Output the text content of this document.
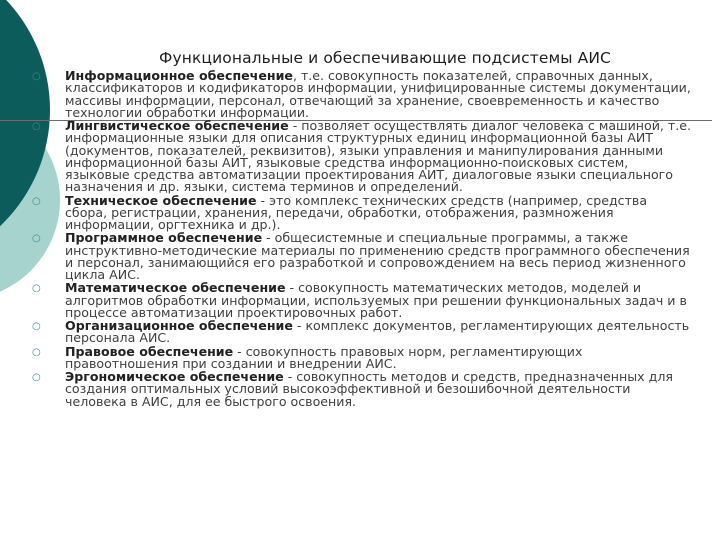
Функциональные и обеспечивающие подсистемы АИС
○ Информационное обеспечение, т.е. совокупность показателей, справочных данных, классификаторов и кодификаторов информации, унифицированные системы документации, массивы информации, персонал, отвечающий за хранение, своевременность и качество технологии обработки информации.
○ Лингвистическое обеспечение - позволяет осуществлять диалог человека с машиной, т.е. информационные языки для описания структурных единиц информационной базы АИТ (документов, показателей, реквизитов), языки управления и манипулирования данными информационной базы АИТ, языковые средства информационно-поисковых систем, языковые средства автоматизации проектирования АИТ, диалоговые языки специального назначения и др. языки, система терминов и определений.
○ Техническое обеспечение - это комплекс технических средств (например, средства сбора, регистрации, хранения, передачи, обработки, отображения, размножения информации, оргтехника и др.).
○ Программное обеспечение - общесистемные и специальные программы, а также инструктивно-методические материалы по применению средств программного обеспечения и персонал, занимающийся его разработкой и сопровождением на весь период жизненного цикла АИС.
○ Математическое обеспечение - совокупность математических методов, моделей и алгоритмов обработки информации, используемых при решении функциональных задач и в процессе автоматизации проектировочных работ.
○ Организационное обеспечение - комплекс документов, регламентирующих деятельность персонала АИС.
○ Правовое обеспечение - совокупность правовых норм, регламентирующих правоотношения при создании и внедрении АИС.
○ Эргономическое обеспечение - совокупность методов и средств, предназначенных для создания оптимальных условий высокоэффективной и безошибочной деятельности человека в АИС, для ее быстрого освоения.
